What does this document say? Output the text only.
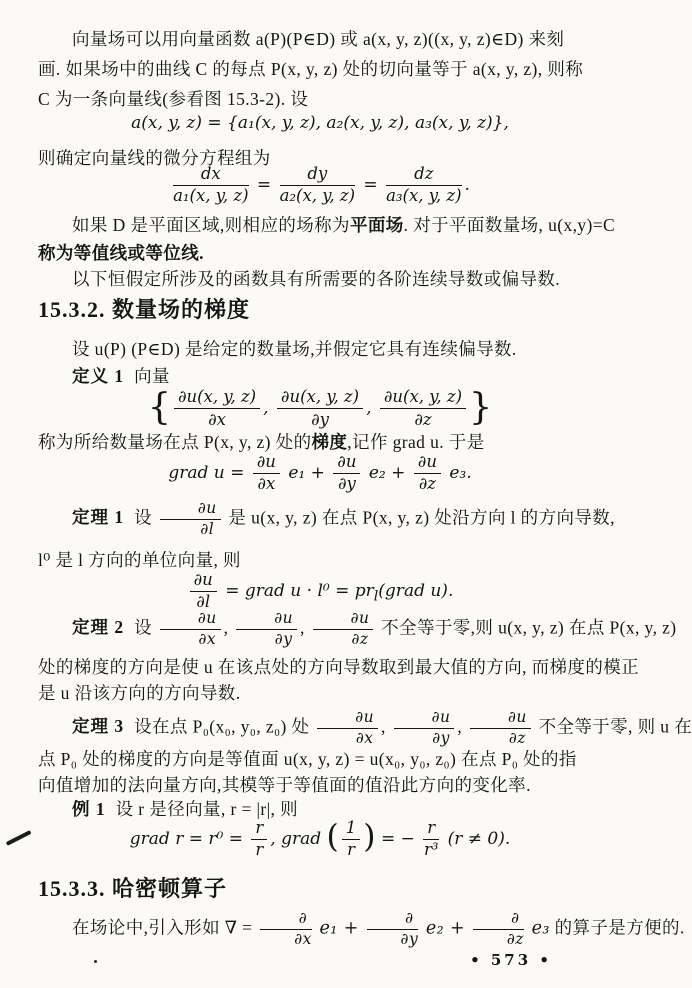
向量场可以用向量函数 a(P)(P∈D) 或 a(x, y, z)((x, y, z)∈D) 来刻
画. 如果场中的曲线 C 的每点 P(x, y, z) 处的切向量等于 a(x, y, z), 则称
C 为一条向量线(参看图 15.3-2). 设
a(x, y, z) = {a₁(x, y, z), a₂(x, y, z), a₃(x, y, z)},
则确定向量线的微分方程组为
$\frac{dx}{\text{a₁(x, y, z)}} = \frac{dy}{\text{a₂(x, y, z)}} = \frac{dz}{\text{a₃(x, y, z)}}$ .
如果 D 是平面区域,则相应的场称为平面场. 对于平面数量场, u(x,y)=C
称为等值线或等位线.
以下恒假定所涉及的函数具有所需要的各阶连续导数或偏导数.
15.3.2. 数量场的梯度
设 u(P) (P∈D) 是给定的数量场,并假定它具有连续偏导数.
定义 1 向量
{ $\frac{\partial u(x, y, z)}{\partial x}$ , $\frac{\partial u(x, y, z)}{\partial y}$ , $\frac{\partial u(x, y, z)}{\partial z}$ }
称为所给数量场在点 P(x, y, z) 处的梯度,记作 grad u. 于是
grad $u = \frac{\partial u}{\partial x} e_1 + \frac{\partial u}{\partial y} e_2 + \frac{\partial u}{\partial z} e_3$.
定理 1 设 $\frac{\partial u}{\partial l}$ 是 u(x, y, z) 在点 P(x, y, z) 处沿方向 l 的方向导数,
l⁰ 是 l 方向的单位向量, 则
$\frac{\partial u}{\partial l}$ = grad $u \cdot l^0 = pr_l(grad$ u).
定理 2 设 $\frac{\partial u}{\partial x}$ , $\frac{\partial u}{\partial y}$ , $\frac{\partial u}{\partial z}$ 不全等于零,则 u(x, y, z) 在点 P(x, y, z)
处的梯度的方向是使 u 在该点处的方向导数取到最大值的方向, 而梯度的模正
是 u 沿该方向的方向导数.
定理 3 设在点 P₀(x₀, y₀, z₀) 处 $\frac{\partial u}{\partial x}$ , $\frac{\partial u}{\partial y}$ , $\frac{\partial u}{\partial z}$ 不全等于零, 则 u 在
点 P₀ 处的梯度的方向是等值面 u(x, y, z) = u(x₀, y₀, z₀) 在点 P₀ 处的指
向值增加的法向量方向,其模等于等值面的值沿此方向的变化率.
例 1 设 r 是径向量, r = |r|, 则
grad $r = r^0 = \frac{r}{r}$ , grad ( $\frac{1}{r}$ ) = − $\frac{r}{\text{r³}} (r \ne 0)$.
15.3.3. 哈密顿算子
在场论中,引入形如 ∇ = $\frac{\partial}{\partial x} e_1 + \frac{\partial}{\partial y} e_2 + \frac{\partial}{\partial z} e_3$ 的算子是方便的.
• 573 •
